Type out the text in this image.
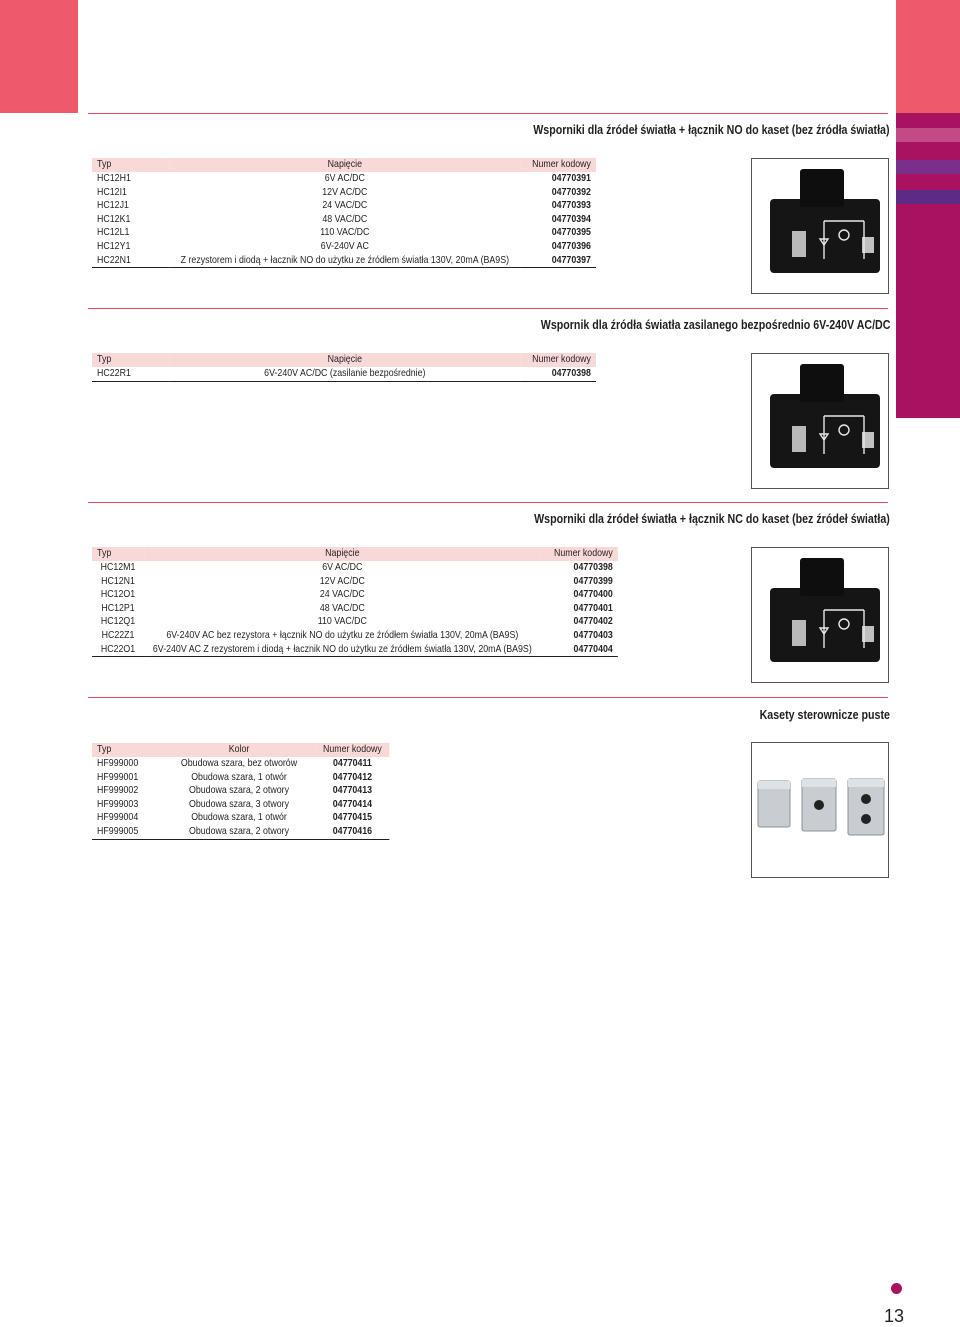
Wsporniki dla źródeł światła + łącznik NO do kaset (bez źródła światła)
Typ	Napięcie	Numer kodowy
HC12H1	6V AC/DC	04770391
HC12I1	12V AC/DC	04770392
HC12J1	24 VAC/DC	04770393
HC12K1	48 VAC/DC	04770394
HC12L1	110 VAC/DC	04770395
HC12Y1	6V-240V AC	04770396
HC22N1	Z rezystorem i diodą + łacznik NO do użytku ze źródłem światła 130V, 20mA (BA9S)	04770397
Wspornik dla źródła światła zasilanego bezpośrednio 6V-240V AC/DC
Typ	Napięcie	Numer kodowy
HC22R1	6V-240V AC/DC (zasilanie bezpośrednie)	04770398
Wsporniki dla źródeł światła + łącznik NC do kaset (bez źródeł światła)
Typ	Napięcie	Numer kodowy
HC12M1	6V AC/DC	04770398
HC12N1	12V AC/DC	04770399
HC12O1	24 VAC/DC	04770400
HC12P1	48 VAC/DC	04770401
HC12Q1	110 VAC/DC	04770402
HC22Z1	6V-240V AC bez rezystora + łącznik NO do użytku ze źródłem światła 130V, 20mA (BA9S)	04770403
HC22O1	6V-240V AC Z rezystorem i diodą + łacznik NO do użytku ze źródłem światła 130V, 20mA (BA9S)	04770404
Kasety sterownicze puste
Typ	Kolor	Numer kodowy
HF999000	Obudowa szara, bez otworów	04770411
HF999001	Obudowa szara, 1 otwór	04770412
HF999002	Obudowa szara, 2 otwory	04770413
HF999003	Obudowa szara, 3 otwory	04770414
HF999004	Obudowa szara, 1 otwór	04770415
HF999005	Obudowa szara, 2 otwory	04770416
13
